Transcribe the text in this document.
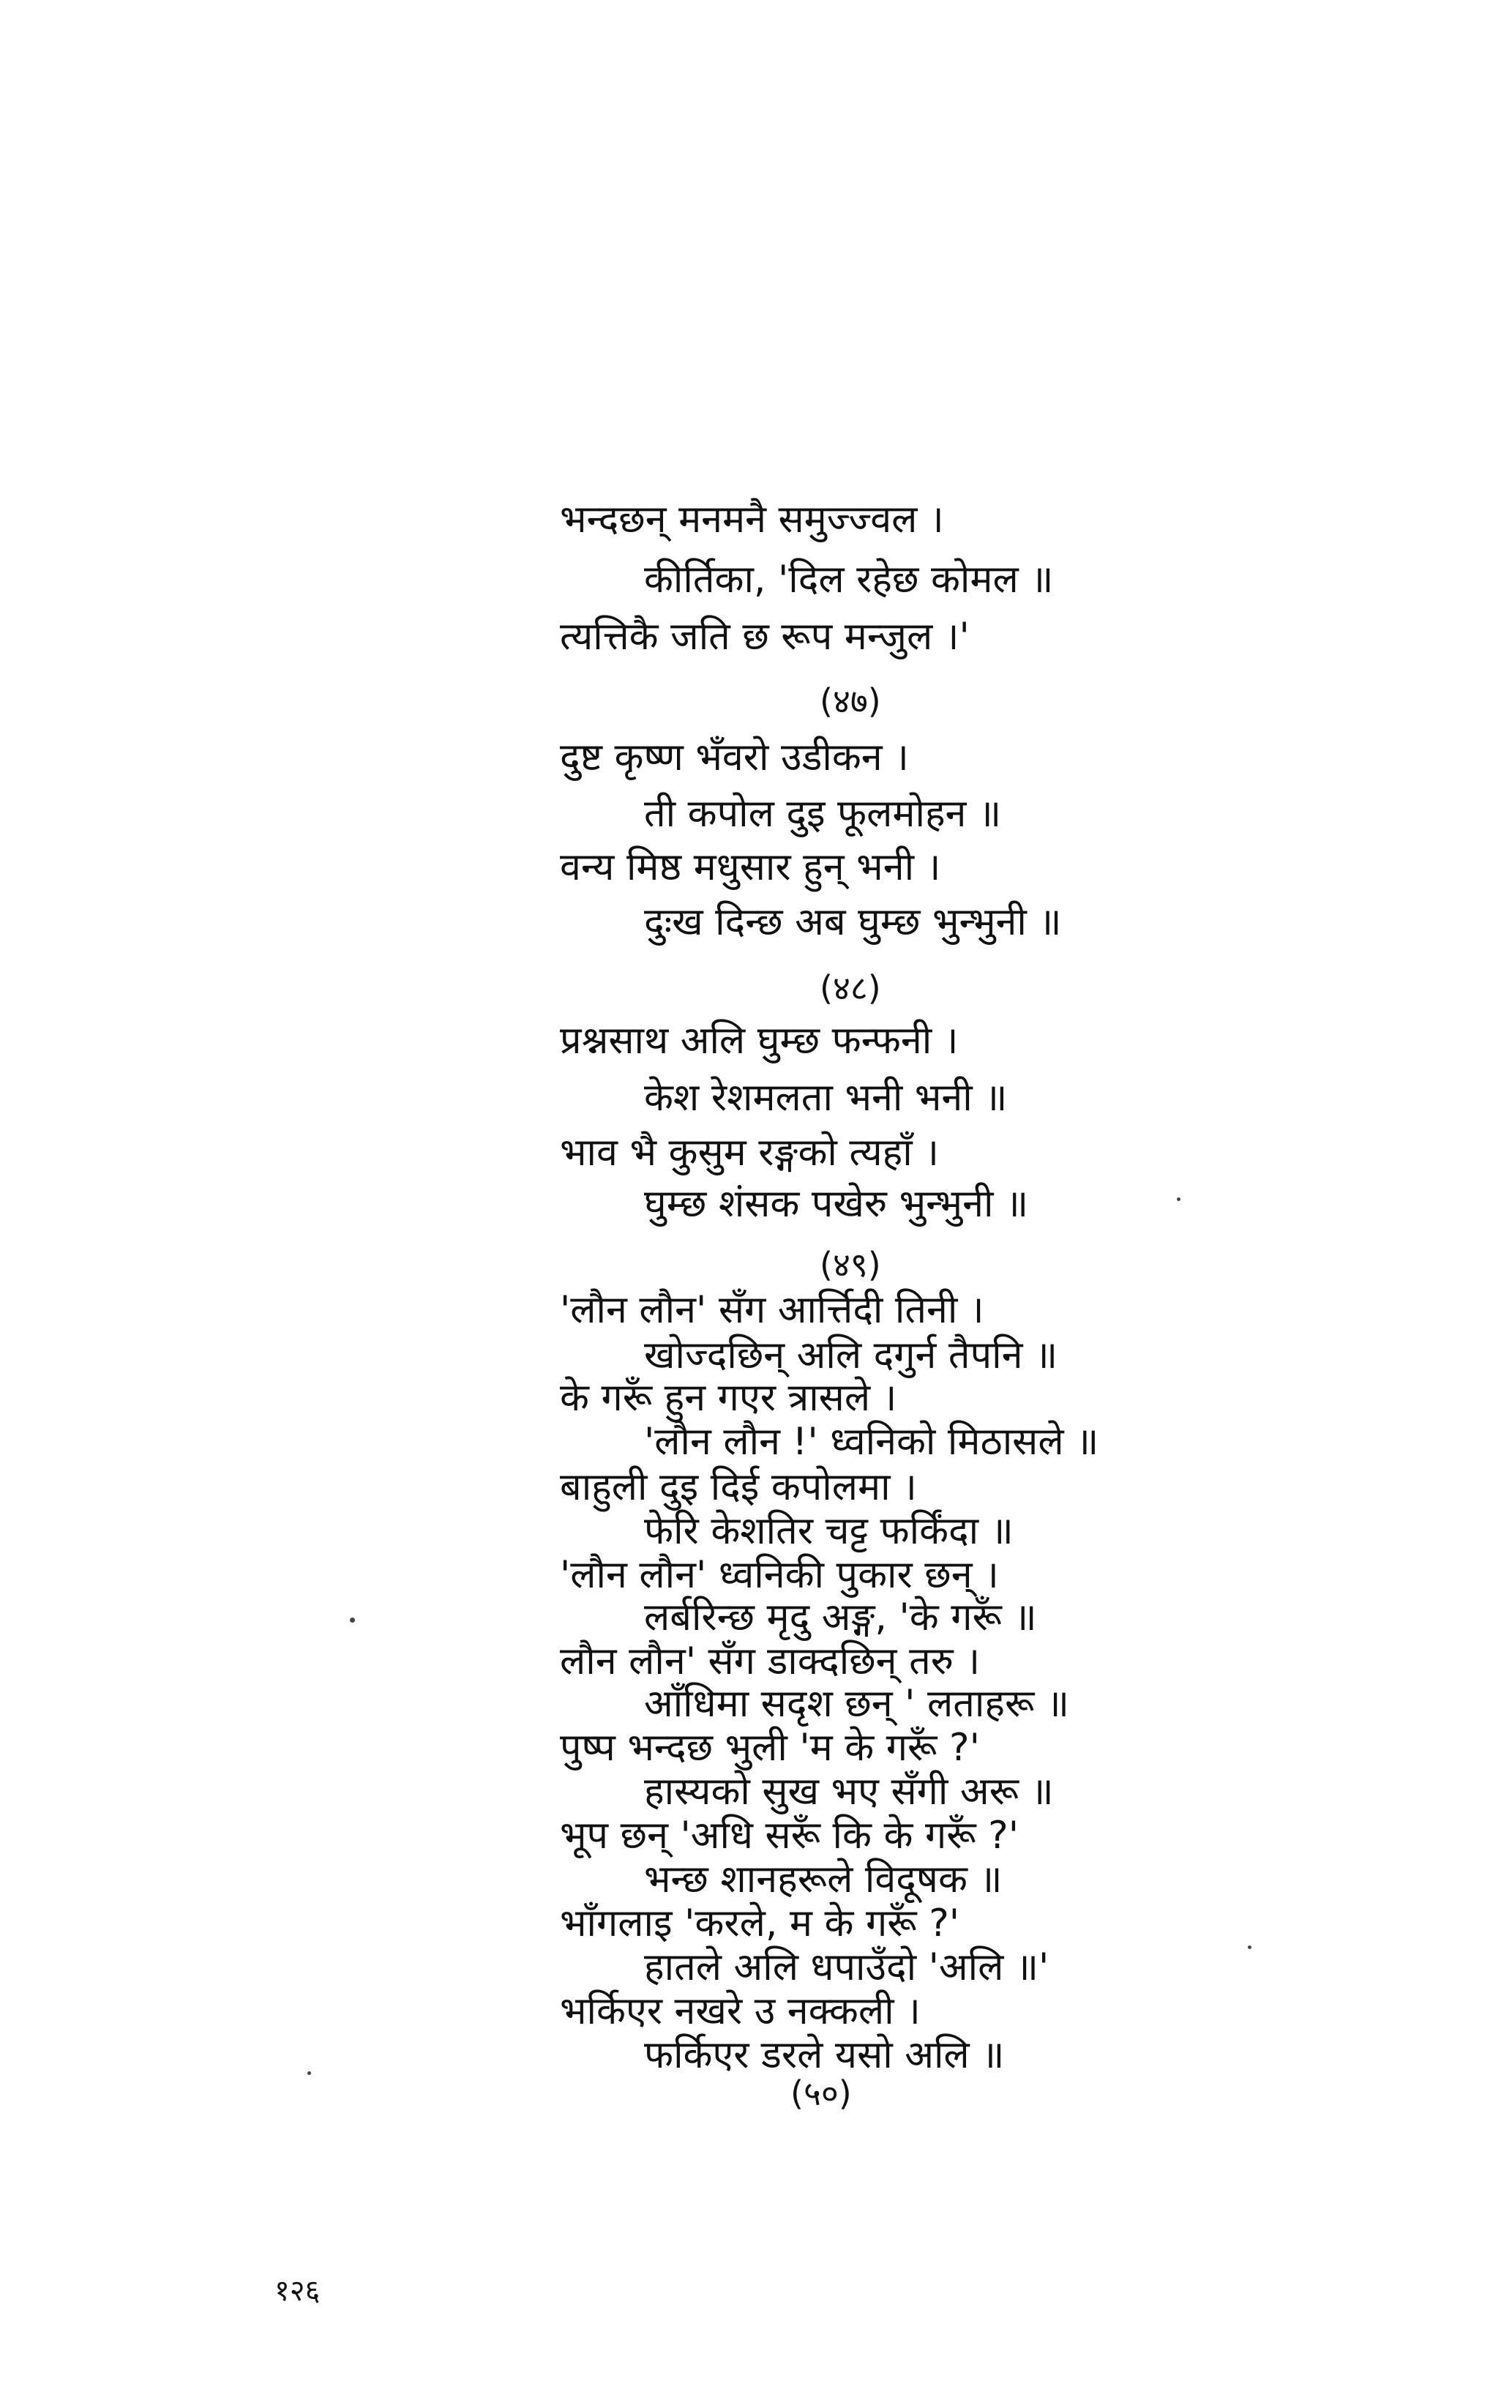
भन्दछन् मनमनै समुज्ज्वल ।
कीर्तिका, 'दिल रहेछ कोमल ॥
त्यत्तिकै जति छ रूप मन्जुल ।'
(४७)
दुष्ट कृष्ण भँवरो उडीकन ।
ती कपोल दुइ फूलमोहन ॥
वन्य मिष्ठ मधुसार हुन् भनी ।
दुःख दिन्छ अब घुम्छ भुन्भुनी ॥
(४८)
प्रश्नसाथ अलि घुम्छ फन्फनी ।
केश रेशमलता भनी भनी ॥
भाव भै कुसुम रङ्गको त्यहाँ ।
घुम्छ शंसक पखेरु भुन्भुनी ॥
(४९)
'लौन लौन' सँग आर्त्तिदी तिनी ।
खोज्दछिन् अलि दगुर्न तैपनि ॥
के गरूँ हुन गएर त्रासले ।
'लौन लौन !' ध्वनिको मिठासले ॥
बाहुली दुइ दिई कपोलमा ।
फेरि केशतिर चट्ट फर्किंदा ॥
'लौन लौन' ध्वनिकी पुकार छन् ।
लर्बरिन्छ मृदु अङ्ग, 'के गरूँ ॥
लौन लौन' सँग डाक्दछिन् तरु ।
आँधिमा सदृश छन् ' लताहरू ॥
पुष्प भन्दछ भुली 'म के गरूँ ?'
हास्यको सुख भए सँगी अरू ॥
भूप छन् 'अधि सरूँ कि के गरूँ ?'
भन्छ शानहरूले विदूषक ॥
भाँगलाइ 'करले, म के गरूँ ?'
हातले अलि धपाउँदो 'अलि ॥'
भर्किएर नखरे उ नक्कली ।
फर्किएर डरले यसो अलि ॥
(५०)
१२६
